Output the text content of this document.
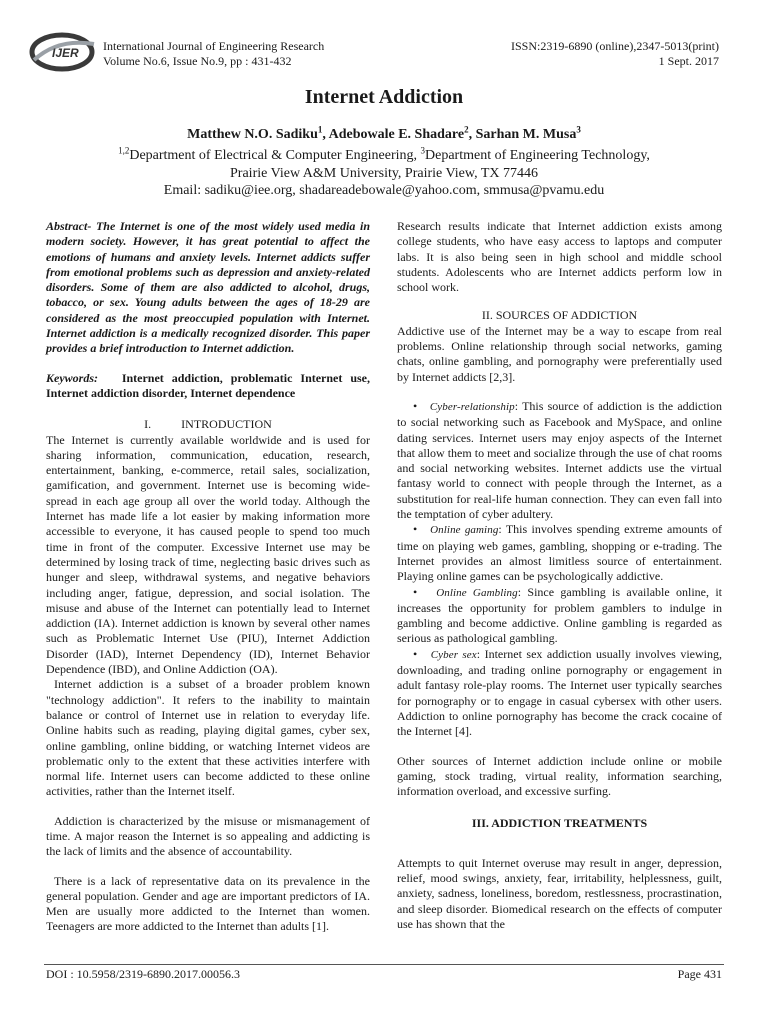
IJER International Journal of Engineering Research
Volume No.6, Issue No.9, pp : 431-432
ISSN:2319-6890 (online),2347-5013(print)
1 Sept. 2017
Internet Addiction
Matthew N.O. Sadiku$^1$, Adebowale E. Shadare$^2$, Sarhan M. Musa$^3$
$^{1,2}$Department of Electrical & Computer Engineering, $^3$Department of Engineering Technology,
Prairie View A&M University, Prairie View, TX 77446
Email: sadiku@iee.org, shadareadebowale@yahoo.com, smmusa@pvamu.edu

Abstract- The Internet is one of the most widely used media in modern society. However, it has great potential to affect the emotions of humans and anxiety levels. Internet addicts suffer from emotional problems such as depression and anxiety-related disorders. Some of them are also addicted to alcohol, drugs, tobacco, or sex. Young adults between the ages of 18-29 are considered as the most preoccupied population with Internet. Internet addiction is a medically recognized disorder. This paper provides a brief introduction to Internet addiction.

Keywords: Internet addiction, problematic Internet use, Internet addiction disorder, Internet dependence

I.	INTRODUCTION

The Internet is currently available worldwide and is used for sharing information, communication, education, research, entertainment, banking, e-commerce, retail sales, socialization, gamification, and government. Internet use is becoming wide-spread in each age group all over the world today. Although the Internet has made life a lot easier by making information more accessible to everyone, it has caused people to spend too much time in front of the computer. Excessive Internet use may be determined by losing track of time, neglecting basic drives such as hunger and sleep, withdrawal systems, and negative behaviors including anger, fatigue, depression, and social isolation. The misuse and abuse of the Internet can potentially lead to Internet addiction (IA). Internet addiction is known by several other names such as Problematic Internet Use (PIU), Internet Addiction Disorder (IAD), Internet Dependency (ID), Internet Behavior Dependence (IBD), and Online Addiction (OA).

Internet addiction is a subset of a broader problem known "technology addiction". It refers to the inability to maintain balance or control of Internet use in relation to everyday life. Online habits such as reading, playing digital games, cyber sex, online gambling, online bidding, or watching Internet videos are problematic only to the extent that these activities interfere with normal life. Internet users can become addicted to these online activities, rather than the Internet itself.

Addiction is characterized by the misuse or mismanagement of time. A major reason the Internet is so appealing and addicting is the lack of limits and the absence of accountability.

There is a lack of representative data on its prevalence in the general population. Gender and age are important predictors of IA. Men are usually more addicted to the Internet than women. Teenagers are more addicted to the Internet than adults [1].

Research results indicate that Internet addiction exists among college students, who have easy access to laptops and computer labs. It is also being seen in high school and middle school students. Adolescents who are Internet addicts perform low in school work.

II. SOURCES OF ADDICTION

Addictive use of the Internet may be a way to escape from real problems. Online relationship through social networks, gaming chats, online gambling, and pornography were preferentially used by Internet addicts [2,3].

• Cyber-relationship: This source of addiction is the addiction to social networking such as Facebook and MySpace, and online dating services. Internet users may enjoy aspects of the Internet that allow them to meet and socialize through the use of chat rooms and social networking websites. Internet addicts use the virtual fantasy world to connect with people through the Internet, as a substitution for real-life human connection. They can even fall into the temptation of cyber adultery.

• Online gaming: This involves spending extreme amounts of time on playing web games, gambling, shopping or e-trading. The Internet provides an almost limitless source of entertainment. Playing online games can be psychologically addictive.

• Online Gambling: Since gambling is available online, it increases the opportunity for problem gamblers to indulge in gambling and become addictive. Online gambling is regarded as serious as pathological gambling.

• Cyber sex: Internet sex addiction usually involves viewing, downloading, and trading online pornography or engagement in adult fantasy role-play rooms. The Internet user typically searches for pornography or to engage in casual cybersex with other users. Addiction to online pornography has become the crack cocaine of the Internet [4].

Other sources of Internet addiction include online or mobile gaming, stock trading, virtual reality, information searching, information overload, and excessive surfing.

III. ADDICTION TREATMENTS

Attempts to quit Internet overuse may result in anger, depression, relief, mood swings, anxiety, fear, irritability, helplessness, guilt, anxiety, sadness, loneliness, boredom, restlessness, procrastination, and sleep disorder. Biomedical research on the effects of computer use has shown that the

DOI : 10.5958/2319-6890.2017.00056.3	Page 431
